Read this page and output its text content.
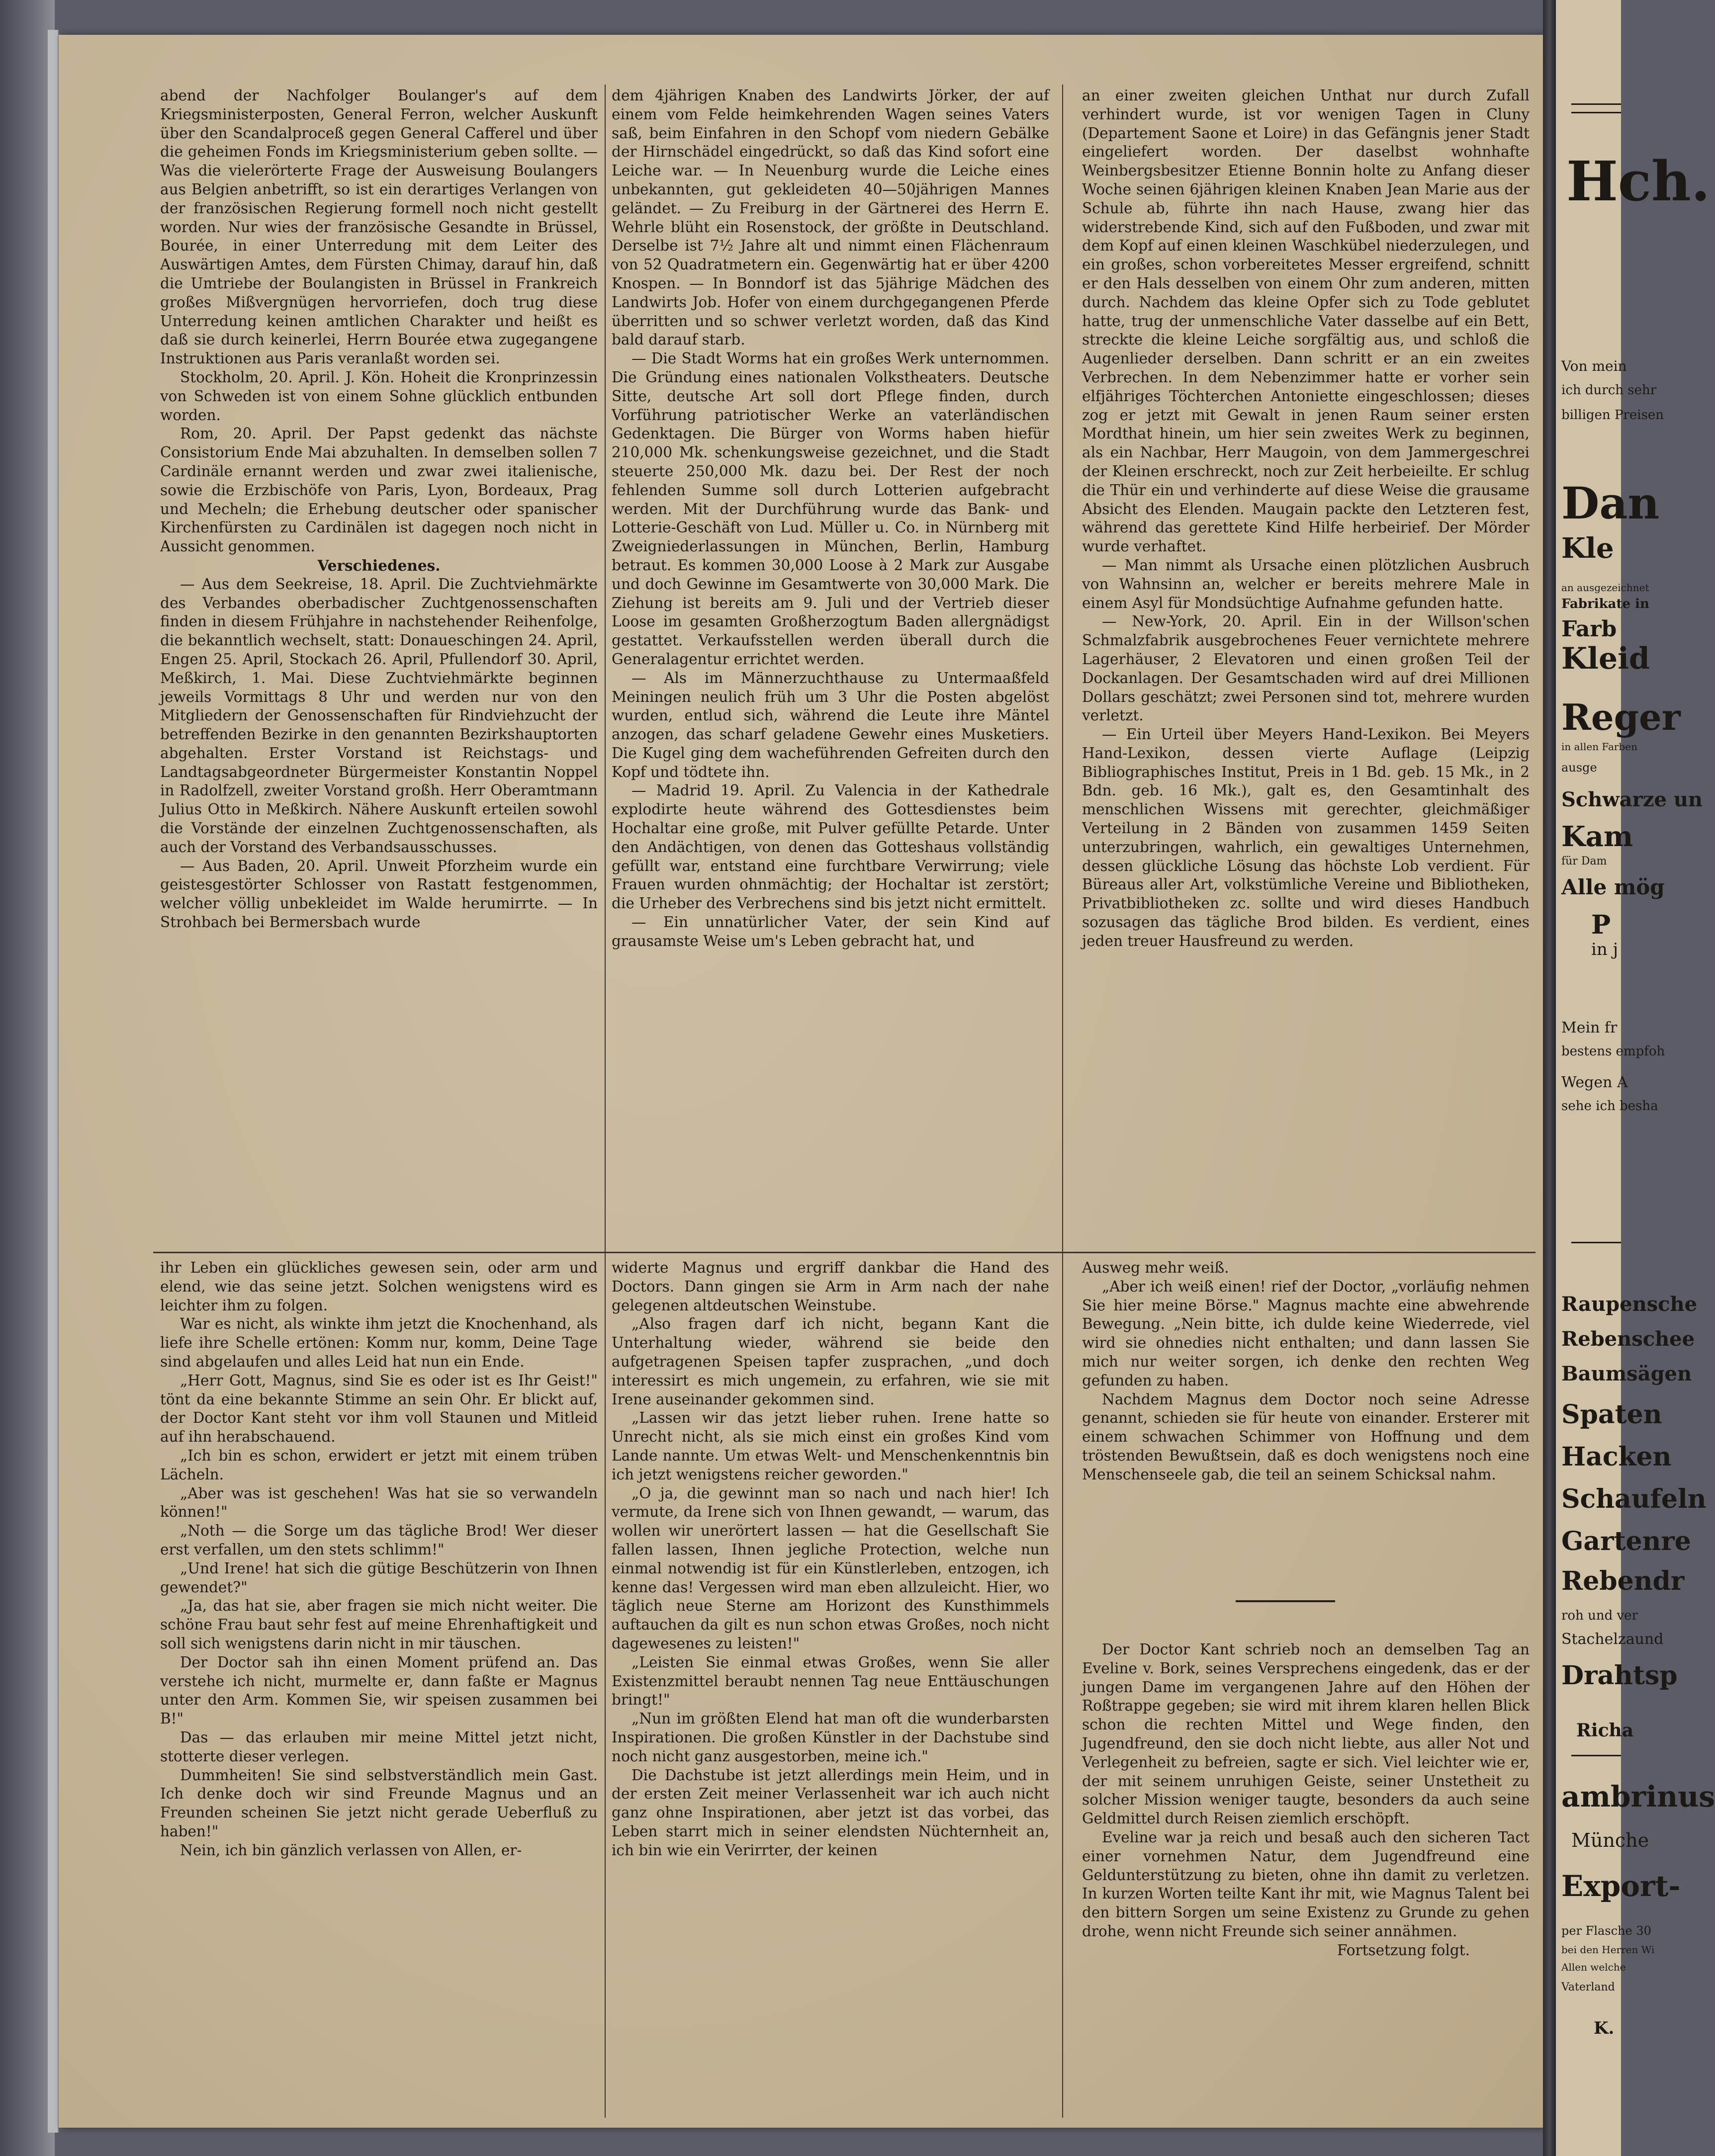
abend der Nachfolger Boulanger's auf dem Kriegsministerposten, General Ferron, welcher Auskunft über den Scandalproceß gegen General Cafferel und über die geheimen Fonds im Kriegsministerium geben sollte. — Was die vielerörterte Frage der Ausweisung Boulangers aus Belgien anbetrifft, so ist ein derartiges Verlangen von der französischen Regierung formell noch nicht gestellt worden. Nur wies der französische Gesandte in Brüssel, Bourée, in einer Unterredung mit dem Leiter des Auswärtigen Amtes, dem Fürsten Chimay, darauf hin, daß die Umtriebe der Boulangisten in Brüssel in Frankreich großes Mißvergnügen hervorriefen, doch trug diese Unterredung keinen amtlichen Charakter und heißt es daß sie durch keinerlei, Herrn Bourée etwa zugegangene Instruktionen aus Paris veranlaßt worden sei.

Stockholm, 20. April. J. Kön. Hoheit die Kronprinzessin von Schweden ist von einem Sohne glücklich entbunden worden.

Rom, 20. April. Der Papst gedenkt das nächste Consistorium Ende Mai abzuhalten. In demselben sollen 7 Cardinäle ernannt werden und zwar zwei italienische, sowie die Erzbischöfe von Paris, Lyon, Bordeaux, Prag und Mecheln; die Erhebung deutscher oder spanischer Kirchenfürsten zu Cardinälen ist dagegen noch nicht in Aussicht genommen.

Verschiedenes.

— Aus dem Seekreise, 18. April. Die Zuchtviehmärkte des Verbandes oberbadischer Zuchtgenossenschaften finden in diesem Frühjahre in nachstehender Reihenfolge, die bekanntlich wechselt, statt: Donaueschingen 24. April, Engen 25. April, Stockach 26. April, Pfullendorf 30. April, Meßkirch, 1. Mai. Diese Zuchtviehmärkte beginnen jeweils Vormittags 8 Uhr und werden nur von den Mitgliedern der Genossenschaften für Rindviehzucht der betreffenden Bezirke in den genannten Bezirkshauptorten abgehalten. Erster Vorstand ist Reichstags- und Landtagsabgeordneter Bürgermeister Konstantin Noppel in Radolfzell, zweiter Vorstand großh. Herr Oberamtmann Julius Otto in Meßkirch. Nähere Auskunft erteilen sowohl die Vorstände der einzelnen Zuchtgenossenschaften, als auch der Vorstand des Verbandsausschusses.

— Aus Baden, 20. April. Unweit Pforzheim wurde ein geistesgestörter Schlosser von Rastatt festgenommen, welcher völlig unbekleidet im Walde herumirrte. — In Strohbach bei Bermersbach wurde

dem 4jährigen Knaben des Landwirts Jörker, der auf einem vom Felde heimkehrenden Wagen seines Vaters saß, beim Einfahren in den Schopf vom niedern Gebälke der Hirnschädel eingedrückt, so daß das Kind sofort eine Leiche war. — In Neuenburg wurde die Leiche eines unbekannten, gut gekleideten 40—50jährigen Mannes geländet. — Zu Freiburg in der Gärtnerei des Herrn E. Wehrle blüht ein Rosenstock, der größte in Deutschland. Derselbe ist 7½ Jahre alt und nimmt einen Flächenraum von 52 Quadratmetern ein. Gegenwärtig hat er über 4200 Knospen. — In Bonndorf ist das 5jährige Mädchen des Landwirts Job. Hofer von einem durchgegangenen Pferde überritten und so schwer verletzt worden, daß das Kind bald darauf starb.

— Die Stadt Worms hat ein großes Werk unternommen. Die Gründung eines nationalen Volkstheaters. Deutsche Sitte, deutsche Art soll dort Pflege finden, durch Vorführung patriotischer Werke an vaterländischen Gedenktagen. Die Bürger von Worms haben hiefür 210,000 Mk. schenkungsweise gezeichnet, und die Stadt steuerte 250,000 Mk. dazu bei. Der Rest der noch fehlenden Summe soll durch Lotterien aufgebracht werden. Mit der Durchführung wurde das Bank- und Lotterie-Geschäft von Lud. Müller u. Co. in Nürnberg mit Zweigniederlassungen in München, Berlin, Hamburg betraut. Es kommen 30,000 Loose à 2 Mark zur Ausgabe und doch Gewinne im Gesamtwerte von 30,000 Mark. Die Ziehung ist bereits am 9. Juli und der Vertrieb dieser Loose im gesamten Großherzogtum Baden allergnädigst gestattet. Verkaufsstellen werden überall durch die Generalagentur errichtet werden.

— Als im Männerzuchthause zu Untermaaßfeld Meiningen neulich früh um 3 Uhr die Posten abgelöst wurden, entlud sich, während die Leute ihre Mäntel anzogen, das scharf geladene Gewehr eines Musketiers. Die Kugel ging dem wacheführenden Gefreiten durch den Kopf und tödtete ihn.

— Madrid 19. April. Zu Valencia in der Kathedrale explodirte heute während des Gottesdienstes beim Hochaltar eine große, mit Pulver gefüllte Petarde. Unter den Andächtigen, von denen das Gotteshaus vollständig gefüllt war, entstand eine furchtbare Verwirrung; viele Frauen wurden ohnmächtig; der Hochaltar ist zerstört; die Urheber des Verbrechens sind bis jetzt nicht ermittelt.

— Ein unnatürlicher Vater, der sein Kind auf grausamste Weise um's Leben gebracht hat, und

an einer zweiten gleichen Unthat nur durch Zufall verhindert wurde, ist vor wenigen Tagen in Cluny (Departement Saone et Loire) in das Gefängnis jener Stadt eingeliefert worden. Der daselbst wohnhafte Weinbergsbesitzer Etienne Bonnin holte zu Anfang dieser Woche seinen 6jährigen kleinen Knaben Jean Marie aus der Schule ab, führte ihn nach Hause, zwang hier das widerstrebende Kind, sich auf den Fußboden, und zwar mit dem Kopf auf einen kleinen Waschkübel niederzulegen, und ein großes, schon vorbereitetes Messer ergreifend, schnitt er den Hals desselben von einem Ohr zum anderen, mitten durch. Nachdem das kleine Opfer sich zu Tode geblutet hatte, trug der unmenschliche Vater dasselbe auf ein Bett, streckte die kleine Leiche sorgfältig aus, und schloß die Augenlieder derselben. Dann schritt er an ein zweites Verbrechen. In dem Nebenzimmer hatte er vorher sein elfjähriges Töchterchen Antoniette eingeschlossen; dieses zog er jetzt mit Gewalt in jenen Raum seiner ersten Mordthat hinein, um hier sein zweites Werk zu beginnen, als ein Nachbar, Herr Maugoin, von dem Jammergeschrei der Kleinen erschreckt, noch zur Zeit herbeieilte. Er schlug die Thür ein und verhinderte auf diese Weise die grausame Absicht des Elenden. Maugain packte den Letzteren fest, während das gerettete Kind Hilfe herbeirief. Der Mörder wurde verhaftet.

— Man nimmt als Ursache einen plötzlichen Ausbruch von Wahnsinn an, welcher er bereits mehrere Male in einem Asyl für Mondsüchtige Aufnahme gefunden hatte.

— New-York, 20. April. Ein in der Willson'schen Schmalzfabrik ausgebrochenes Feuer vernichtete mehrere Lagerhäuser, 2 Elevatoren und einen großen Teil der Dockanlagen. Der Gesamtschaden wird auf drei Millionen Dollars geschätzt; zwei Personen sind tot, mehrere wurden verletzt.

— Ein Urteil über Meyers Hand-Lexikon. Bei Meyers Hand-Lexikon, dessen vierte Auflage (Leipzig Bibliographisches Institut, Preis in 1 Bd. geb. 15 Mk., in 2 Bdn. geb. 16 Mk.), galt es, den Gesamtinhalt des menschlichen Wissens mit gerechter, gleichmäßiger Verteilung in 2 Bänden von zusammen 1459 Seiten unterzubringen, wahrlich, ein gewaltiges Unternehmen, dessen glückliche Lösung das höchste Lob verdient. Für Büreaus aller Art, volkstümliche Vereine und Bibliotheken, Privatbibliotheken zc. sollte und wird dieses Handbuch sozusagen das tägliche Brod bilden. Es verdient, eines jeden treuer Hausfreund zu werden.

ihr Leben ein glückliches gewesen sein, oder arm und elend, wie das seine jetzt. Solchen wenigstens wird es leichter ihm zu folgen.

War es nicht, als winkte ihm jetzt die Knochenhand, als liefe ihre Schelle ertönen: Komm nur, komm, Deine Tage sind abgelaufen und alles Leid hat nun ein Ende.

„Herr Gott, Magnus, sind Sie es oder ist es Ihr Geist!" tönt da eine bekannte Stimme an sein Ohr. Er blickt auf, der Doctor Kant steht vor ihm voll Staunen und Mitleid auf ihn herabschauend.

„Ich bin es schon, erwidert er jetzt mit einem trüben Lächeln.

„Aber was ist geschehen! Was hat sie so verwandeln können!"

„Noth — die Sorge um das tägliche Brod! Wer dieser erst verfallen, um den stets schlimm!"

„Und Irene! hat sich die gütige Beschützerin von Ihnen gewendet?"

„Ja, das hat sie, aber fragen sie mich nicht weiter. Die schöne Frau baut sehr fest auf meine Ehrenhaftigkeit und soll sich wenigstens darin nicht in mir täuschen.

Der Doctor sah ihn einen Moment prüfend an. Das verstehe ich nicht, murmelte er, dann faßte er Magnus unter den Arm. Kommen Sie, wir speisen zusammen bei B!"

Das — das erlauben mir meine Mittel jetzt nicht, stotterte dieser verlegen.

Dummheiten! Sie sind selbstverständlich mein Gast. Ich denke doch wir sind Freunde Magnus und an Freunden scheinen Sie jetzt nicht gerade Ueberfluß zu haben!"

Nein, ich bin gänzlich verlassen von Allen, er-

widerte Magnus und ergriff dankbar die Hand des Doctors. Dann gingen sie Arm in Arm nach der nahe gelegenen altdeutschen Weinstube.

„Also fragen darf ich nicht, begann Kant die Unterhaltung wieder, während sie beide den aufgetragenen Speisen tapfer zusprachen, „und doch interessirt es mich ungemein, zu erfahren, wie sie mit Irene auseinander gekommen sind.

„Lassen wir das jetzt lieber ruhen. Irene hatte so Unrecht nicht, als sie mich einst ein großes Kind vom Lande nannte. Um etwas Welt- und Menschenkenntnis bin ich jetzt wenigstens reicher geworden."

„O ja, die gewinnt man so nach und nach hier! Ich vermute, da Irene sich von Ihnen gewandt, — warum, das wollen wir unerörtert lassen — hat die Gesellschaft Sie fallen lassen, Ihnen jegliche Protection, welche nun einmal notwendig ist für ein Künstlerleben, entzogen, ich kenne das! Vergessen wird man eben allzuleicht. Hier, wo täglich neue Sterne am Horizont des Kunsthimmels auftauchen da gilt es nun schon etwas Großes, noch nicht dagewesenes zu leisten!"

„Leisten Sie einmal etwas Großes, wenn Sie aller Existenzmittel beraubt nennen Tag neue Enttäuschungen bringt!"

„Nun im größten Elend hat man oft die wunderbarsten Inspirationen. Die großen Künstler in der Dachstube sind noch nicht ganz ausgestorben, meine ich."

Die Dachstube ist jetzt allerdings mein Heim, und in der ersten Zeit meiner Verlassenheit war ich auch nicht ganz ohne Inspirationen, aber jetzt ist das vorbei, das Leben starrt mich in seiner elendsten Nüchternheit an, ich bin wie ein Verirrter, der keinen

Ausweg mehr weiß.

„Aber ich weiß einen! rief der Doctor, „vorläufig nehmen Sie hier meine Börse." Magnus machte eine abwehrende Bewegung. „Nein bitte, ich dulde keine Wiederrede, viel wird sie ohnedies nicht enthalten; und dann lassen Sie mich nur weiter sorgen, ich denke den rechten Weg gefunden zu haben.

Nachdem Magnus dem Doctor noch seine Adresse genannt, schieden sie für heute von einander. Ersterer mit einem schwachen Schimmer von Hoffnung und dem tröstenden Bewußtsein, daß es doch wenigstens noch eine Menschenseele gab, die teil an seinem Schicksal nahm.

Der Doctor Kant schrieb noch an demselben Tag an Eveline v. Bork, seines Versprechens eingedenk, das er der jungen Dame im vergangenen Jahre auf den Höhen der Roßtrappe gegeben; sie wird mit ihrem klaren hellen Blick schon die rechten Mittel und Wege finden, den Jugendfreund, den sie doch nicht liebte, aus aller Not und Verlegenheit zu befreien, sagte er sich. Viel leichter wie er, der mit seinem unruhigen Geiste, seiner Unstetheit zu solcher Mission weniger taugte, besonders da auch seine Geldmittel durch Reisen ziemlich erschöpft.

Eveline war ja reich und besaß auch den sicheren Tact einer vornehmen Natur, dem Jugendfreund eine Geldunterstützung zu bieten, ohne ihn damit zu verletzen. In kurzen Worten teilte Kant ihr mit, wie Magnus Talent bei den bittern Sorgen um seine Existenz zu Grunde zu gehen drohe, wenn nicht Freunde sich seiner annähmen.

Fortsetzung folgt.

Hch.
Von mein
ich durch sehr
billigen Preisen
Dan
Kle
an ausgezeichnet
Fabrikate in
Farb
Kleid
Reger
in allen Farben
ausge
Schwarze un
Kam
für Dam
Alle mög
P
in j
Mein fr
bestens empfoh
Wegen A
sehe ich besha
Raupensche
Rebenschee
Baumsägen
Spaten
Hacken
Schaufeln
Gartenre
Rebendr
roh und ver
Stachelzaund
Drahtsp
Richa
ambrinus
Münche
Export-
per Flasche 30
bei den Herren Wi
Allen welche
Vaterland
K.
